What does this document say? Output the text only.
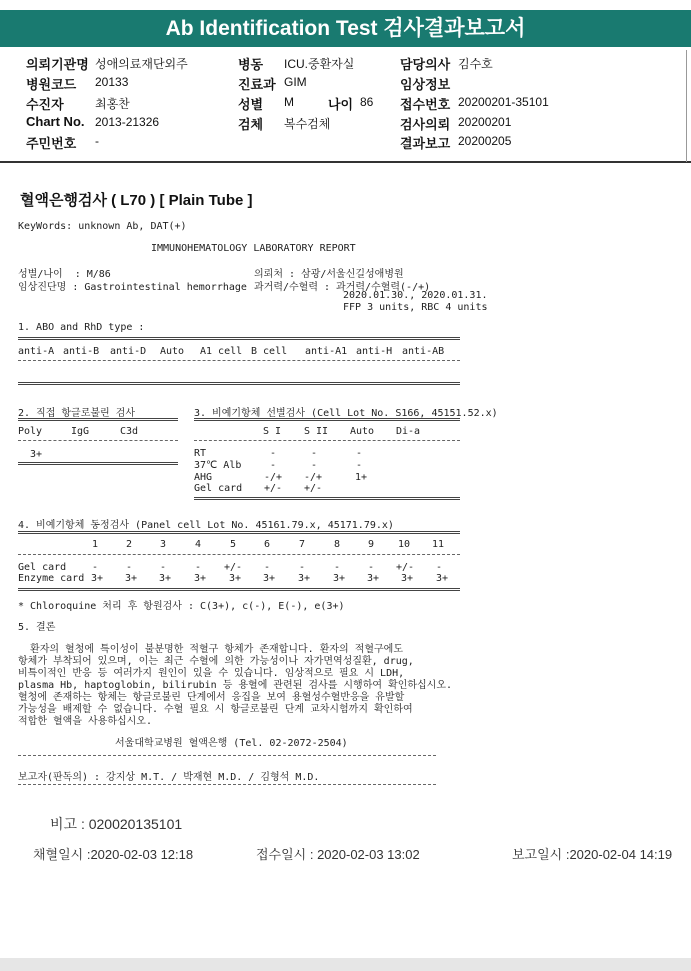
Ab Identification Test 검사결과보고서
의뢰기관명 성애의료재단외주
병원코드 20133
수진자	최홍찬
Chart No. 2013-21326
주민번호 -
병동 ICU.중환자실
진료과 GIM
성별 M	나이 86
검체 복수검체
담당의사 김수호
임상정보
접수번호 20200201-35101
검사의뢰 20200201
결과보고 20200205
혈액은행검사 ( L70 ) [ Plain Tube ]
KeyWords: unknown Ab, DAT(+)
IMMUNOHEMATOLOGY LABORATORY REPORT
성별/나이  : M/86
임상진단명 : Gastrointestinal hemorrhage
의뢰처 : 삼광/서울신길성애병원
과거력/수혈력 : 과거력/수혈력(-/+)
2020.01.30., 2020.01.31.
FFP 3 units, RBC 4 units
1. ABO and RhD type :
anti-A anti-B anti-D Auto A1 cell B cell anti-A1 anti-H anti-AB
2. 직접 항글로불린 검사
Poly	IgG	C3d
3+
3. 비예기항체 선별검사 (Cell Lot No. S166, 45151.52.x)
S I S II Auto Di-a
RT	-	-	-
37℃ Alb	-	-	-
AHG	-/+ -/+	1+
Gel card +/- +/-
4. 비예기항체 동정검사 (Panel cell Lot No. 45161.79.x, 45171.79.x)
1	2	3	4	5	6	7	8	9 10 11
Gel card	-	-	-	- +/- -	-	-	- +/- -
Enzyme card 3+ 3+ 3+ 3+ 3+ 3+ 3+ 3+ 3+ 3+ 3+
* Chloroquine 처리 후 항원검사 : C(3+), c(-), E(-), e(3+)
5. 결론
환자의 혈청에 특이성이 불분명한 적혈구 항체가 존재합니다. 환자의 적혈구에도
항체가 부착되어 있으며, 이는 최근 수혈에 의한 가능성이나 자가면역성질환, drug,
비특이적인 반응 등 여러가지 원인이 있을 수 있습니다. 임상적으로 필요 시 LDH,
plasma Hb, haptoglobin, bilirubin 등 용혈에 관련된 검사를 시행하여 확인하십시오.
혈청에 존재하는 항체는 항글로불린 단계에서 응집을 보여 용혈성수혈반응을 유발할
가능성을 배제할 수 없습니다. 수혈 필요 시 항글로불린 단계 교차시험까지 확인하여
적합한 혈액을 사용하십시오.
서울대학교병원 혈액은행 (Tel. 02-2072-2504)
보고자(판독의) : 강지상 M.T. / 박재현 M.D. / 김형석 M.D.
비고 : 020020135101
채혈일시 :2020-02-03 12:18	접수일시 : 2020-02-03 13:02	보고일시 :2020-02-04 14:19
